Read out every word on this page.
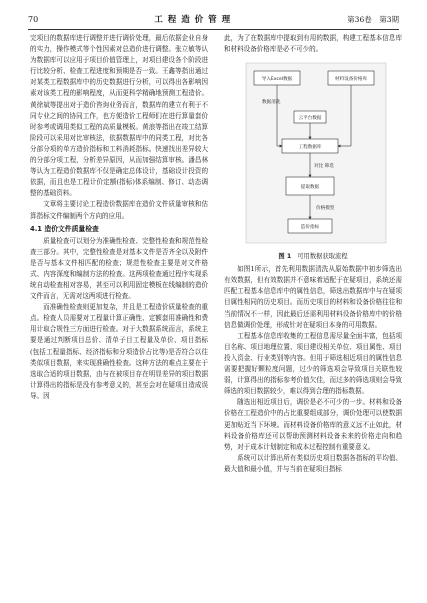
70	工 程 造 价 管 理	第36卷　第3期

完项目的数据库进行调整并进行调价处理，最后依据企业自身的实力，操作模式等个性因素对总造价进行调整。张立敏等认为数据库可以应用于项目价值管理上，对项目建设各个阶段进行比较分析、检查工程进度和预期是否一致。王鑫等指出通过对某类工程数据库中的历史数据进行分析，可以得出各影响因素对该类工程的影响程度，从而更科学精确地预测工程造价。黄徐斌等提出对于造价咨询业务而言，数据库的建立有利于不同专业之间的协同工作，也方便造价工程师们在进行算量套价时参考或调用类似工程的高质量模板。黄浪等指出在竣工结算阶段可以采用对比审核法，依据数据库中的同类工程，对比各分部分项的单方造价指标和工料消耗指标。快速找出差异较大的分部分项工程，分析差异原因，从而加强结算审核。潘昌林等认为工程造价数据库不仅是确定总体设计，基础设计投资的依据，而且也是工程计价定额(指标)体系编制、修订、动态调整的基础资料。

文章将主要讨论工程造价数据库在造价文件质量审核和估算指标文件编制两个方向的应用。

4.1 造价文件质量检查

质量检查可以划分为准确性检查、完整性检查和规范性检查三部分。其中，完整性检查是对基本文件是否齐全以及附件是否与基本文件相匹配的检查；规范性检查主要是对文件格式、内容深度和编制方法的检查。这两项检查通过程序实现系统自动检查相对容易，甚至可以利用固定模板在线编制的造价文件而言，无需对这两项进行检查。

而准确性检查则更加复杂，并且是工程造价质量检查的重点。检查人员需要对工程量计算正确性、定额套用准确性和费用计取合规性三方面进行检查。对于大数据系统而言，系统主要是通过判断项目总价、清单子目工程量及单价、项目指标(包括工程量指标、经济指标和分项造价占比等)是否符合以往类似项目数据，来实现准确性检查。这种方法的难点主要在于选取合适的项目数据，由与在被项目存在明显差异的项目数据计算得出的指标是没有参考意义的，甚至会对在疑项目造成误导。因

此，为了在数据库中提取到有用的数据，构建工程基本信息库和材料设备价格库是必不可少的。

导入Excel数据	材料设备价格库
数据清洗
云平台数据
工程数据库
对比 筛选
提取数据
价格模型
造价指标
图 1 可用数据获取流程

如图1所示，首先利用数据清洗从原始数据中初步筛选出有效数据，但有效数据并不意味着适配于在疑项目，系统还需匹配工程基本信息库中的属性信息，筛选出数据库中与在疑项目属性相同的历史项目。而历史项目的材料和设备价格往往和当前情况不一样，因此最后还需利用材料设备价格库中的价格信息做调价处理，形成针对在疑项目本身的可用数据。

工程基本信息库收集的工程信息需尽量全面丰富，包括项目名称、项目地理位置、项目建设相关单位、项目属性、项目投入资金、行业类别等内容。但用于筛选相近项目的属性信息需要把握好颗粒度问题，过少的筛选项会导致项目关联性较弱，计算得出的指标参考价值欠佳，而过多的筛选项则会导致筛选的项目数据较少，难以得到合理的指标数据。

随选出相近项目后，调价是必不可少的一步。材料和设备价格在工程造价中的占比重要组成部分，调价处理可以使数据更加贴近当下环境。而材料设备价格库的意义远不止如此，材料设备价格库还可以帮助预测材料设备未来的价格走向和趋势，对于成本计划制定和成本过程控制有重要意义。

系统可以计算出所有类似历史项目数据各指标的平均值、最大值和最小值，并与当前在疑项目指标
